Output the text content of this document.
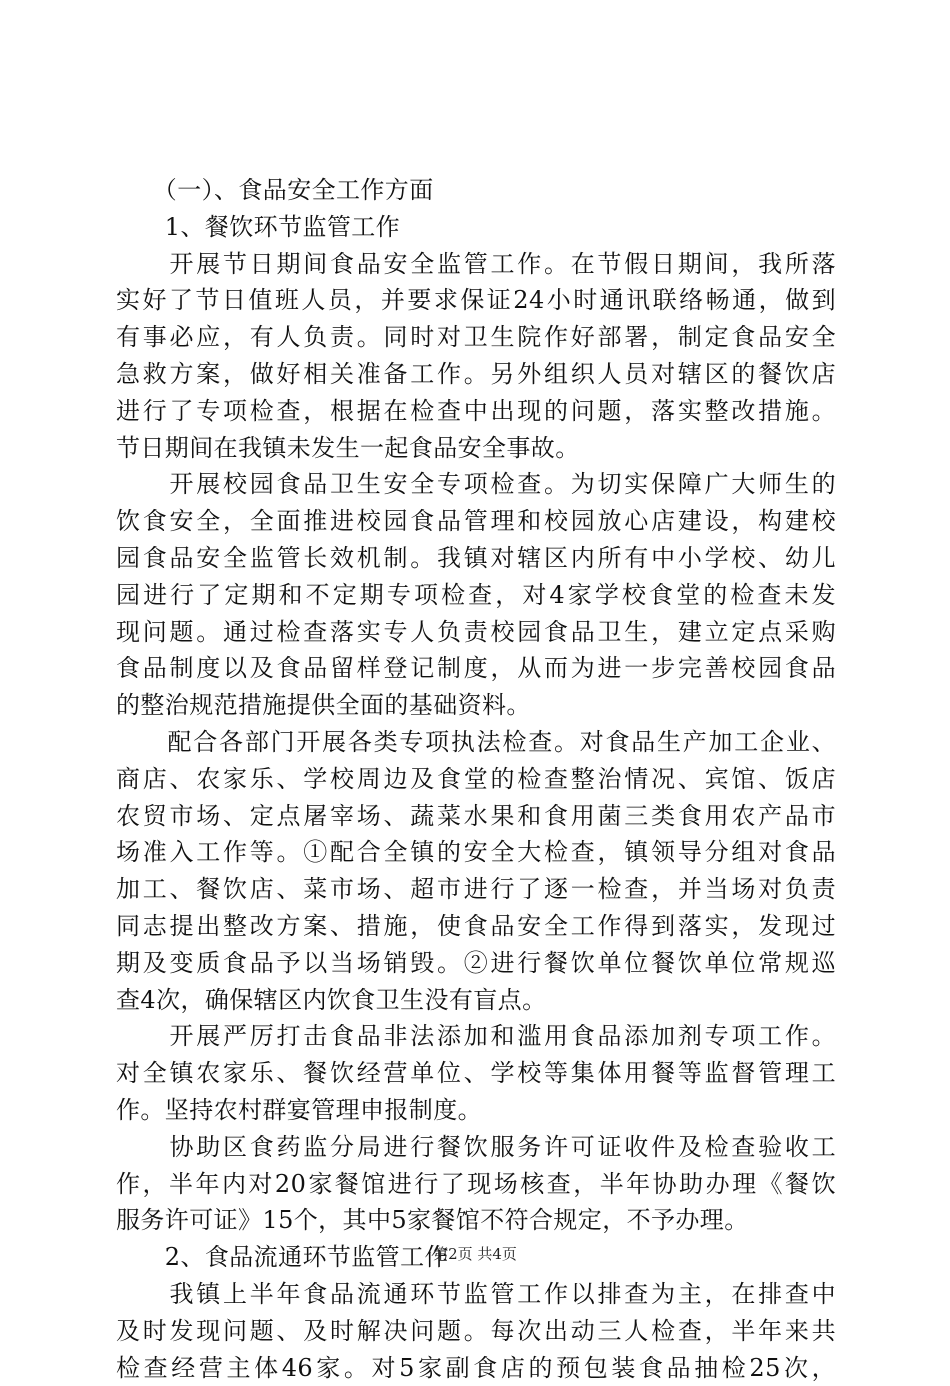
　　（一）、食品安全工作方面
　　1、餐饮环节监管工作
　　开展节日期间食品安全监管工作。在节假日期间，我所落
实好了节日值班人员，并要求保证24小时通讯联络畅通，做到
有事必应，有人负责。同时对卫生院作好部署，制定食品安全
急救方案，做好相关准备工作。另外组织人员对辖区的餐饮店
进行了专项检查，根据在检查中出现的问题，落实整改措施。
节日期间在我镇未发生一起食品安全事故。
　　开展校园食品卫生安全专项检查。为切实保障广大师生的
饮食安全，全面推进校园食品管理和校园放心店建设，构建校
园食品安全监管长效机制。我镇对辖区内所有中小学校、幼儿
园进行了定期和不定期专项检查，对4家学校食堂的检查未发
现问题。通过检查落实专人负责校园食品卫生，建立定点采购
食品制度以及食品留样登记制度，从而为进一步完善校园食品
的整治规范措施提供全面的基础资料。
　　配合各部门开展各类专项执法检查。对食品生产加工企业、
商店、农家乐、学校周边及食堂的检查整治情况、宾馆、饭店
农贸市场、定点屠宰场、蔬菜水果和食用菌三类食用农产品市
场准入工作等。①配合全镇的安全大检查，镇领导分组对食品
加工、餐饮店、菜市场、超市进行了逐一检查，并当场对负责
同志提出整改方案、措施，使食品安全工作得到落实，发现过
期及变质食品予以当场销毁。②进行餐饮单位餐饮单位常规巡
查4次，确保辖区内饮食卫生没有盲点。
　　开展严厉打击食品非法添加和滥用食品添加剂专项工作。
对全镇农家乐、餐饮经营单位、学校等集体用餐等监督管理工
作。坚持农村群宴管理申报制度。
　　协助区食药监分局进行餐饮服务许可证收件及检查验收工
作，半年内对20家餐馆进行了现场核查，半年协助办理《餐饮
服务许可证》15个，其中5家餐馆不符合规定，不予办理。
　　2、食品流通环节监管工作
　　我镇上半年食品流通环节监管工作以排查为主，在排查中
及时发现问题、及时解决问题。每次出动三人检查，半年来共
检查经营主体46家。对5家副食店的预包装食品抽检25次，
第2页 共4页
